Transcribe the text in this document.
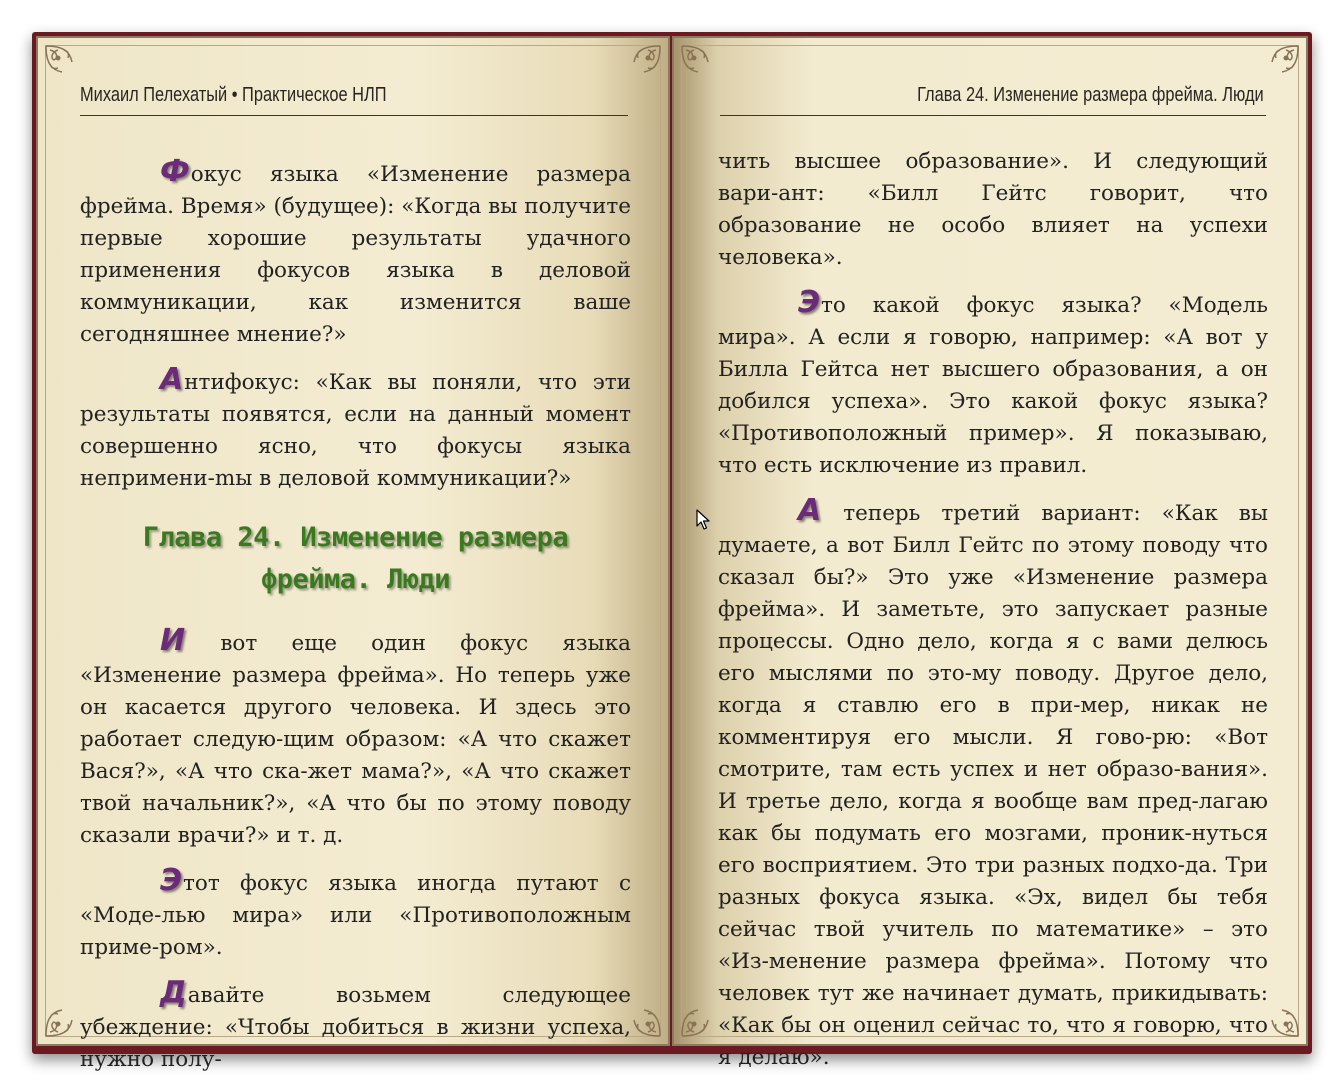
Михаил Пелехатый • Практическое НЛП

Фокус языка «Изменение размера фрейма. Время» (будущее): «Когда вы получите первые хорошие результаты удачного применения фокусов языка в деловой коммуникации, как изменится ваше сегодняшнее мнение?»

Антифокус: «Как вы поняли, что эти результаты появятся, если на данный момент совершенно ясно, что фокусы языка непримени-mы в деловой коммуникации?»

Глава 24. Изменение размера фрейма. Люди

И вот еще один фокус языка «Изменение размера фрейма». Но теперь уже он касается другого человека. И здесь это работает следую-щим образом: «А что скажет Вася?», «А что ска-жет мама?», «А что скажет твой начальник?», «А что бы по этому поводу сказали врачи?» и т. д.

Этот фокус языка иногда путают с «Моде-лью мира» или «Противоположным приме-ром».

Давайте возьмем следующее убеждение: «Чтобы добиться в жизни успеха, нужно полу-

Глава 24. Изменение размера фрейма. Люди

чить высшее образование». И следующий вари-ант: «Билл Гейтс говорит, что образование не особо влияет на успехи человека».

Это какой фокус языка? «Модель мира». А если я говорю, например: «А вот у Билла Гейтса нет высшего образования, а он добился успеха». Это какой фокус языка? «Противоположный пример». Я показываю, что есть исключение из правил.

А теперь третий вариант: «Как вы думаете, а вот Билл Гейтс по этому поводу что сказал бы?» Это уже «Изменение размера фрейма». И заметьте, это запускает разные процессы. Одно дело, когда я с вами делюсь его мыслями по это-му поводу. Другое дело, когда я ставлю его в при-мер, никак не комментируя его мысли. Я гово-рю: «Вот смотрите, там есть успех и нет образо-вания». И третье дело, когда я вообще вам пред-лагаю как бы подумать его мозгами, проник-нуться его восприятием. Это три разных подхо-да. Три разных фокуса языка. «Эх, видел бы тебя сейчас твой учитель по математике» – это «Из-менение размера фрейма». Потому что человек тут же начинает думать, прикидывать: «Как бы он оценил сейчас то, что я говорю, что я делаю».
